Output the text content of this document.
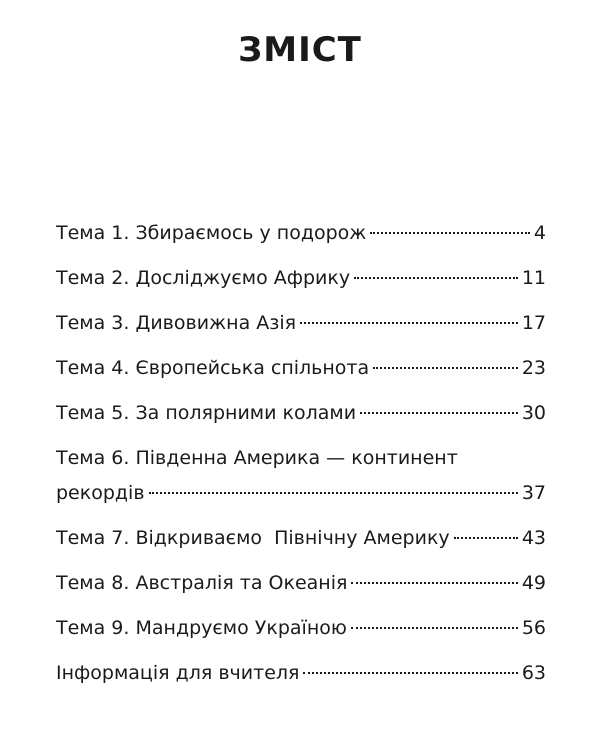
ЗМІСТ
Тема 1. Збираємось у подорож	4
Тема 2. Досліджуємо Африку	11
Тема 3. Дивовижна Азія	17
Тема 4. Європейська спільнота	23
Тема 5. За полярними колами	30
Тема 6. Південна Америка — континент
рекордів	37
Тема 7. Відкриваємо  Північну Америку	43
Тема 8. Австралія та Океанія	49
Тема 9. Мандруємо Україною	56
Інформація для вчителя	63
